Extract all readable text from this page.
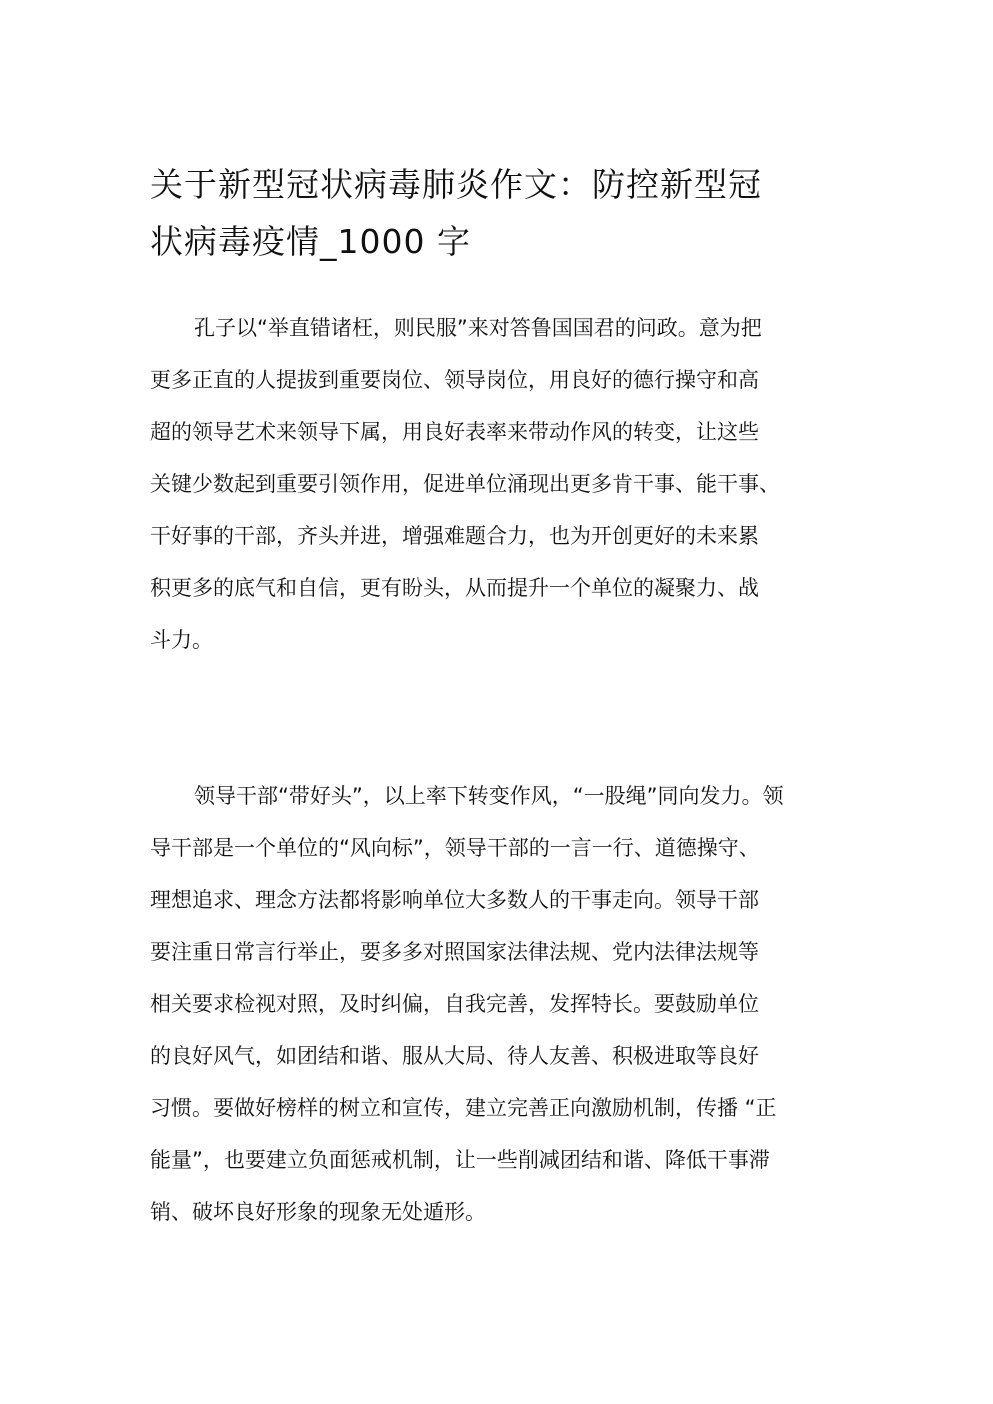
关于新型冠状病毒肺炎作文：防控新型冠
状病毒疫情_1000 字
孔子以“举直错诸枉，则民服”来对答鲁国国君的问政。意为把
更多正直的人提拔到重要岗位、领导岗位，用良好的德行操守和高
超的领导艺术来领导下属，用良好表率来带动作风的转变，让这些
关键少数起到重要引领作用，促进单位涌现出更多肯干事、能干事、
干好事的干部，齐头并进，增强难题合力，也为开创更好的未来累
积更多的底气和自信，更有盼头，从而提升一个单位的凝聚力、战
斗力。
领导干部“带好头”，以上率下转变作风，“一股绳”同向发力。领
导干部是一个单位的“风向标”，领导干部的一言一行、道德操守、
理想追求、理念方法都将影响单位大多数人的干事走向。领导干部
要注重日常言行举止，要多多对照国家法律法规、党内法律法规等
相关要求检视对照，及时纠偏，自我完善，发挥特长。要鼓励单位
的良好风气，如团结和谐、服从大局、待人友善、积极进取等良好
习惯。要做好榜样的树立和宣传，建立完善正向激励机制，传播 “正
能量”，也要建立负面惩戒机制，让一些削减团结和谐、降低干事滞
销、破坏良好形象的现象无处遁形。
